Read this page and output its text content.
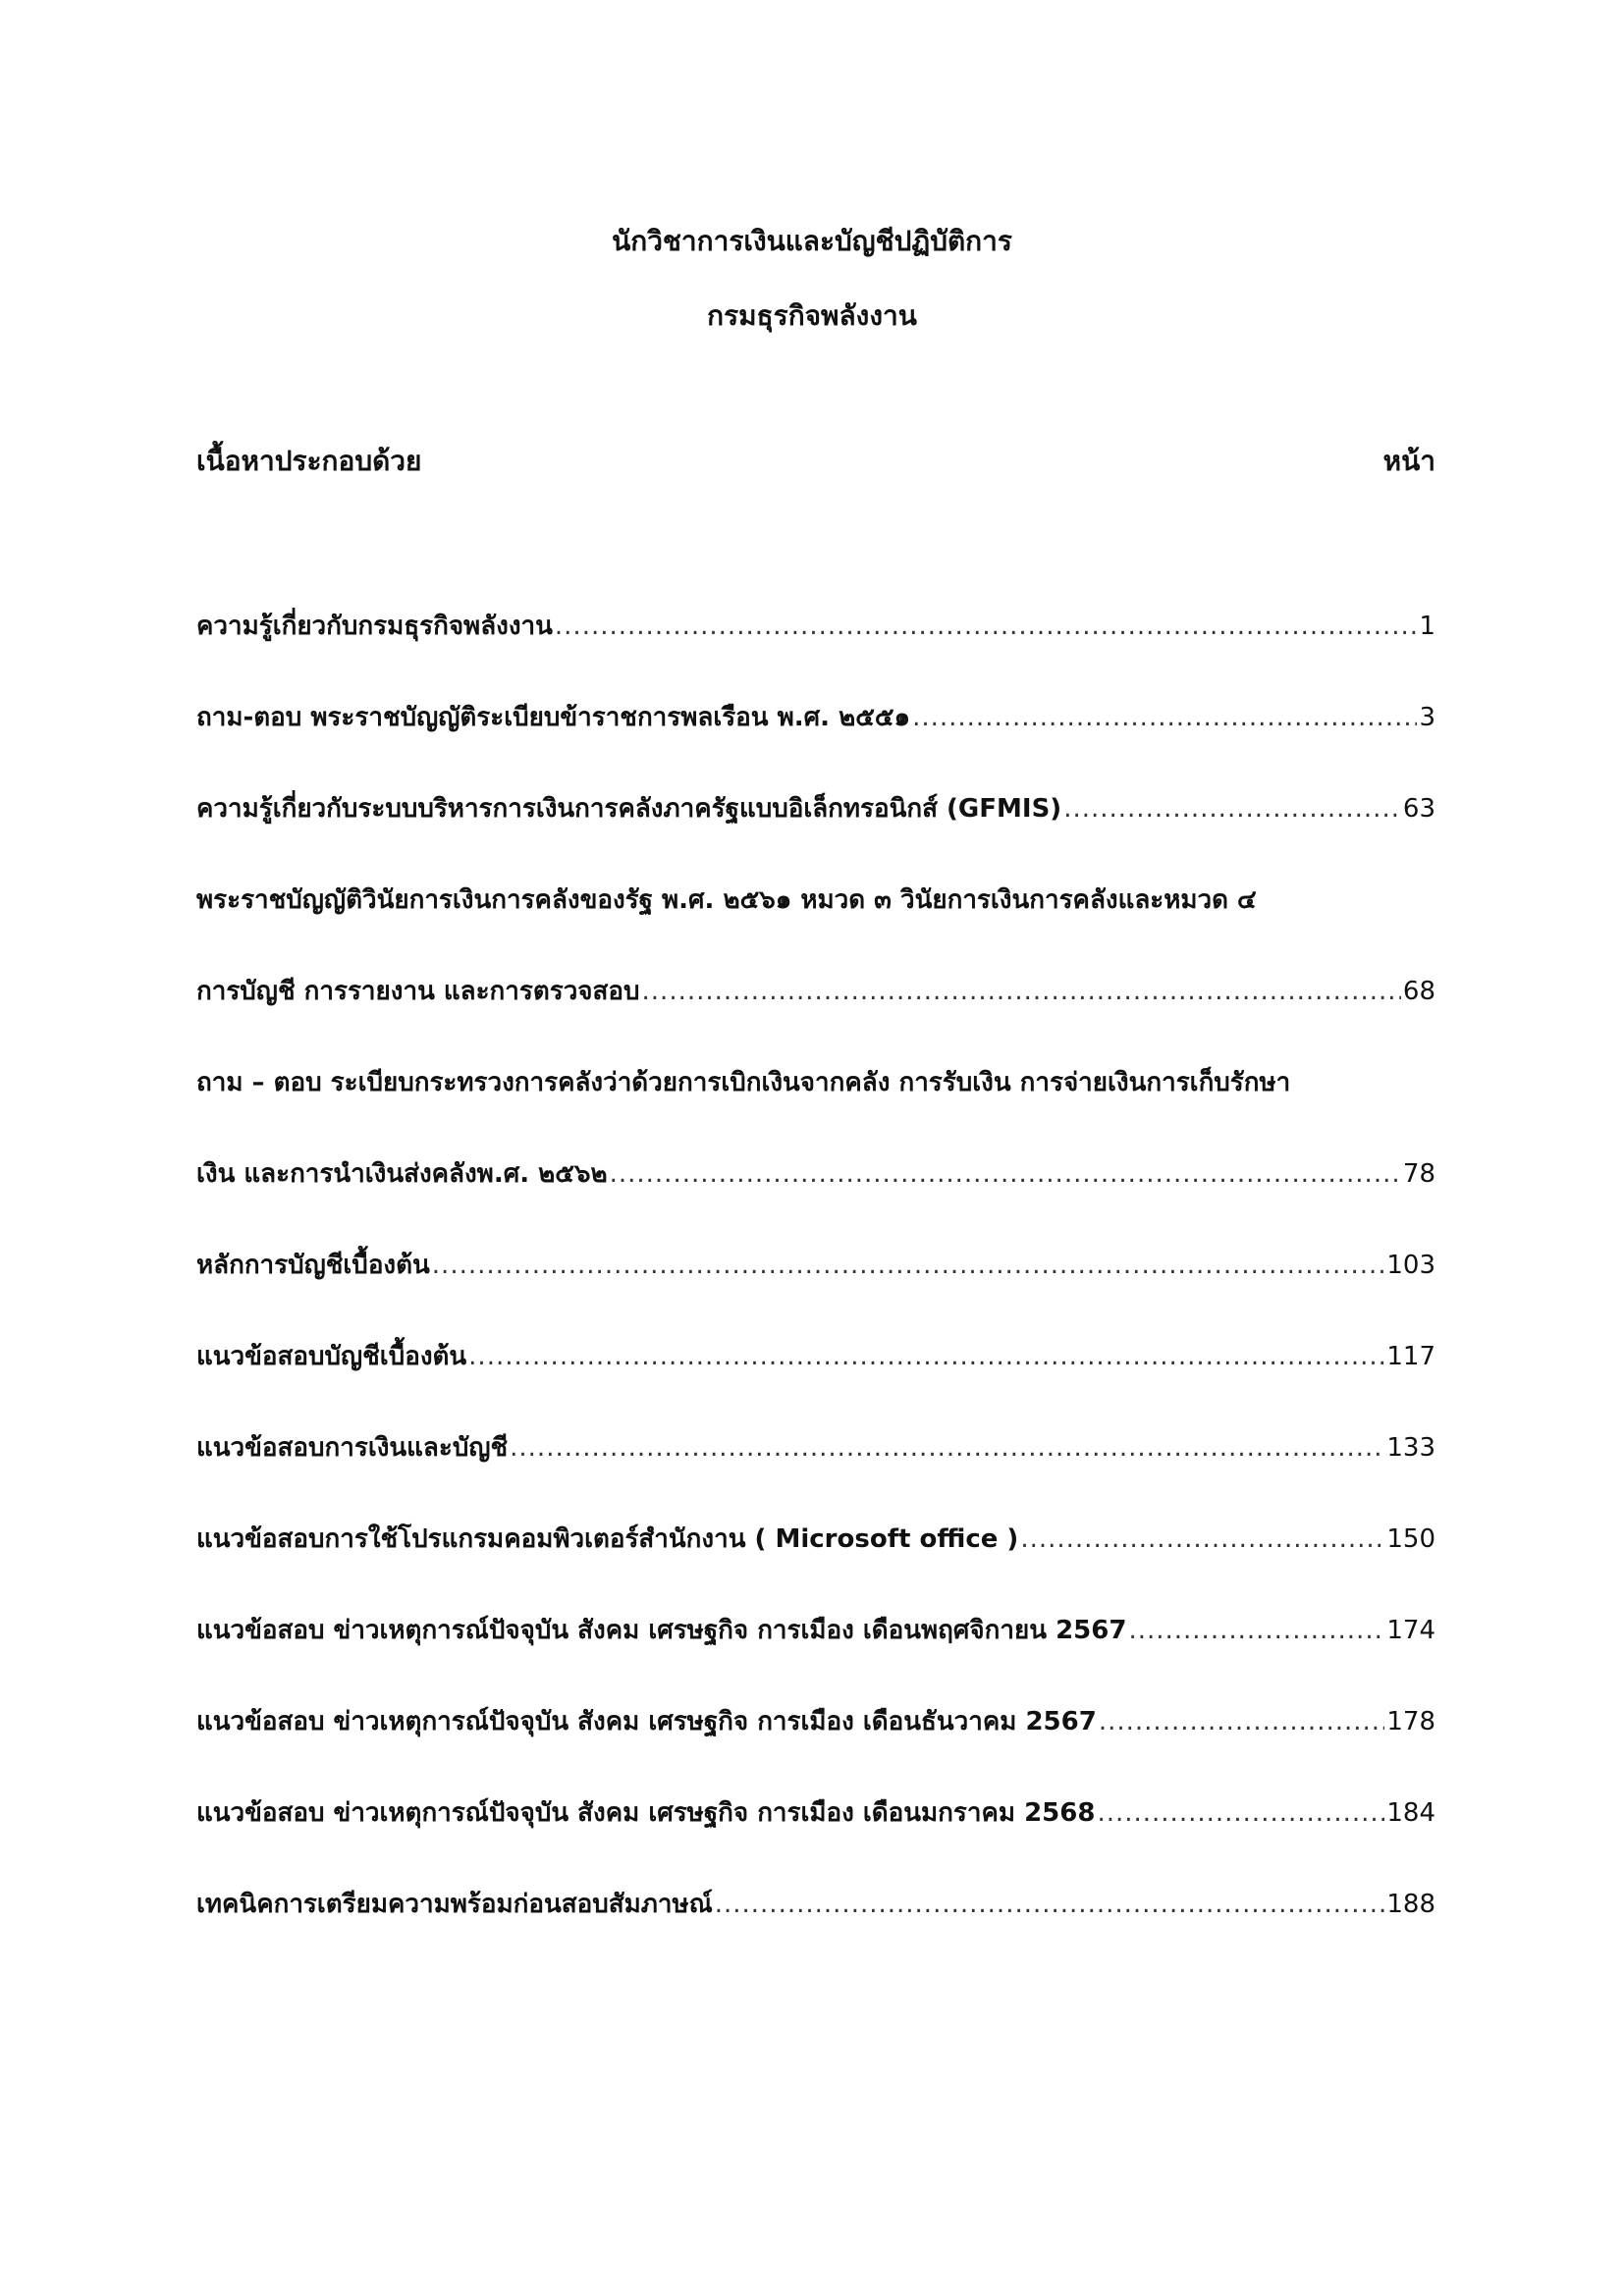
นักวิชาการเงินและบัญชีปฏิบัติการ
กรมธุรกิจพลังงาน
เนื้อหาประกอบด้วย	หน้า
ความรู้เกี่ยวกับกรมธุรกิจพลังงาน .....	1
ถาม-ตอบ พระราชบัญญัติระเบียบข้าราชการพลเรือน พ.ศ. ๒๕๕๑ .....	3
ความรู้เกี่ยวกับระบบบริหารการเงินการคลังภาครัฐแบบอิเล็กทรอนิกส์ (GFMIS) .....	63
พระราชบัญญัติวินัยการเงินการคลังของรัฐ พ.ศ. ๒๕๖๑ หมวด ๓ วินัยการเงินการคลังและหมวด ๔
การบัญชี การรายงาน และการตรวจสอบ .....	68
ถาม – ตอบ ระเบียบกระทรวงการคลังว่าด้วยการเบิกเงินจากคลัง การรับเงิน การจ่ายเงินการเก็บรักษา
เงิน และการนำเงินส่งคลังพ.ศ. ๒๕๖๒ .....	78
หลักการบัญชีเบื้องต้น .....	103
แนวข้อสอบบัญชีเบื้องต้น .....	117
แนวข้อสอบการเงินและบัญชี .....	133
แนวข้อสอบการใช้โปรแกรมคอมพิวเตอร์สำนักงาน ( Microsoft office ) .....	150
แนวข้อสอบ ข่าวเหตุการณ์ปัจจุบัน สังคม เศรษฐกิจ การเมือง เดือนพฤศจิกายน 2567 .....	174
แนวข้อสอบ ข่าวเหตุการณ์ปัจจุบัน สังคม เศรษฐกิจ การเมือง เดือนธันวาคม 2567 .....	178
แนวข้อสอบ ข่าวเหตุการณ์ปัจจุบัน สังคม เศรษฐกิจ การเมือง เดือนมกราคม 2568 .....	184
เทคนิคการเตรียมความพร้อมก่อนสอบสัมภาษณ์ .....	188
